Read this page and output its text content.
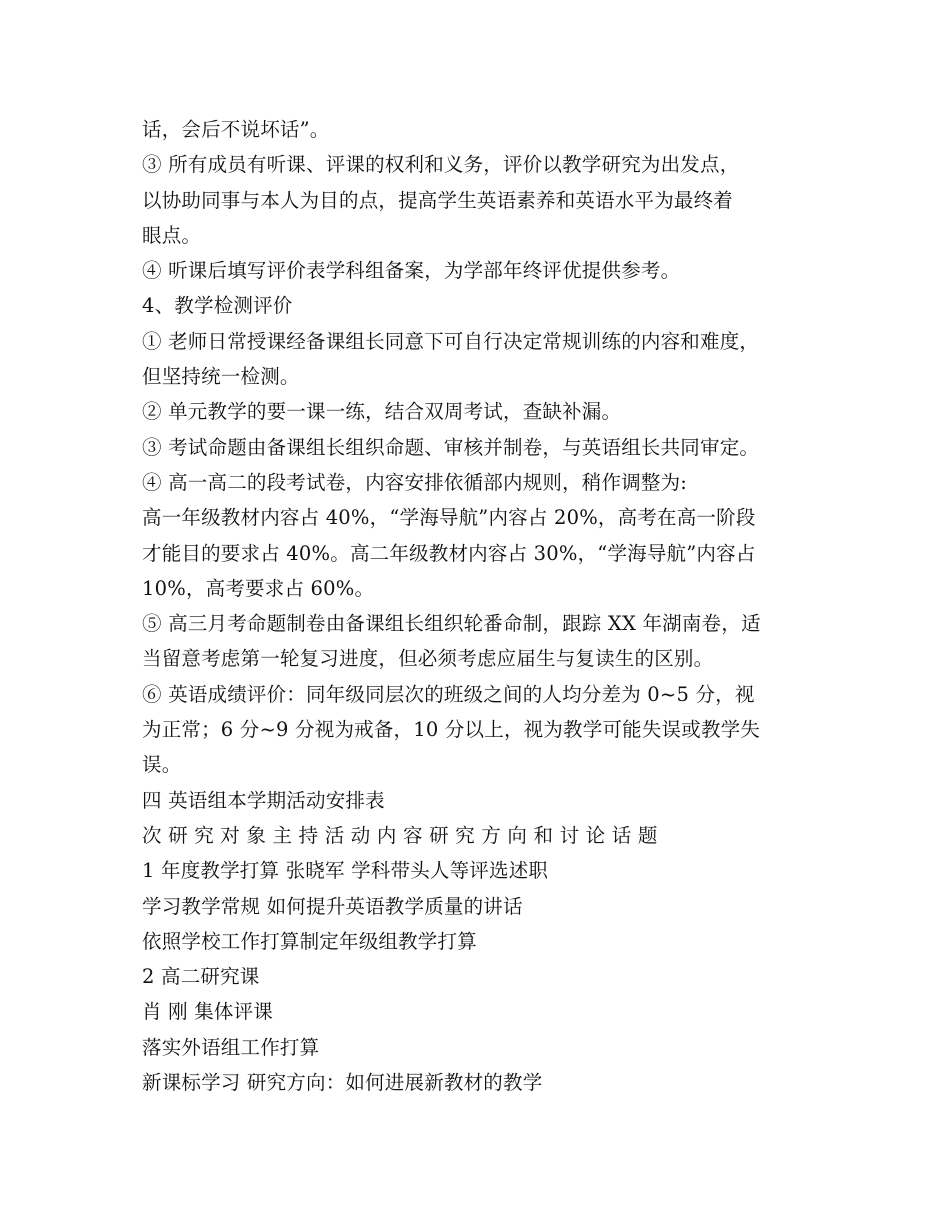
话，会后不说坏话”。
③ 所有成员有听课、评课的权利和义务，评价以教学研究为出发点，
以协助同事与本人为目的点，提高学生英语素养和英语水平为最终着
眼点。
④ 听课后填写评价表学科组备案，为学部年终评优提供参考。
4、教学检测评价
① 老师日常授课经备课组长同意下可自行决定常规训练的内容和难度，
但坚持统一检测。
② 单元教学的要一课一练，结合双周考试，查缺补漏。
③ 考试命题由备课组长组织命题、审核并制卷，与英语组长共同审定。
④ 高一高二的段考试卷，内容安排依循部内规则，稍作调整为:
高一年级教材内容占 40%，“学海导航”内容占 20%，高考在高一阶段
才能目的要求占 40%。高二年级教材内容占 30%，“学海导航”内容占
10%，高考要求占 60%。
⑤ 高三月考命题制卷由备课组长组织轮番命制，跟踪 XX 年湖南卷，适
当留意考虑第一轮复习进度，但必须考虑应届生与复读生的区别。
⑥ 英语成绩评价：同年级同层次的班级之间的人均分差为 0~5 分，视
为正常；6 分~9 分视为戒备，10 分以上，视为教学可能失误或教学失
误。
四 英语组本学期活动安排表
次 研 究 对 象 主 持 活 动 内 容 研 究 方 向 和 讨 论 话 题
1 年度教学打算 张晓军 学科带头人等评选述职
学习教学常规 如何提升英语教学质量的讲话
依照学校工作打算制定年级组教学打算
2 高二研究课
肖 刚 集体评课
落实外语组工作打算
新课标学习 研究方向：如何进展新教材的教学
